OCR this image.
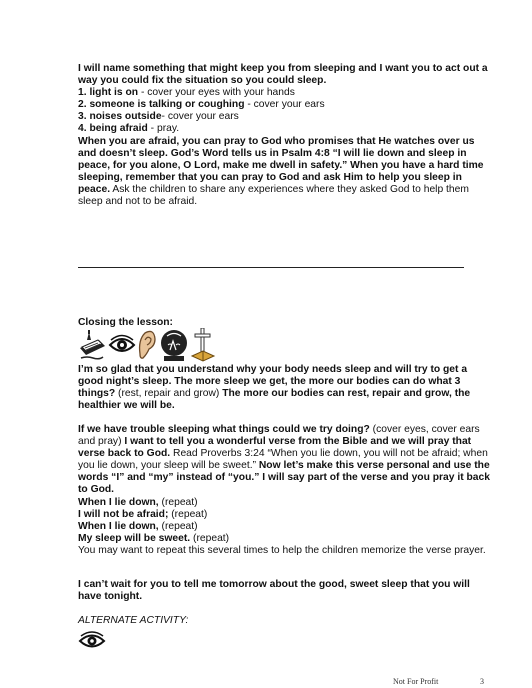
I will name something that might keep you from sleeping and I want you to act out a way you could fix the situation so you could sleep.

1. light is on - cover your eyes with your hands

2. someone is talking or coughing - cover your ears

3. noises outside- cover your ears

4. being afraid - pray.

When you are afraid, you can pray to God who promises that He watches over us and doesn’t sleep. God’s Word tells us in Psalm 4:8 “I will lie down and sleep in peace, for you alone, O Lord, make me dwell in safety.” When you have a hard time sleeping, remember that you can pray to God and ask Him to help you sleep in peace. Ask the children to share any experiences where they asked God to help them sleep and not to be afraid.

Closing the lesson:

I’m so glad that you understand why your body needs sleep and will try to get a good night’s sleep. The more sleep we get, the more our bodies can do what 3 things? (rest, repair and grow) The more our bodies can rest, repair and grow, the healthier we will be.

If we have trouble sleeping what things could we try doing? (cover eyes, cover ears and pray) I want to tell you a wonderful verse from the Bible and we will pray that verse back to God. Read Proverbs 3:24 “When you lie down, you will not be afraid; when you lie down, your sleep will be sweet.” Now let’s make this verse personal and use the words “I” and “my” instead of “you.” I will say part of the verse and you pray it back to God.

When I lie down, (repeat)

I will not be afraid; (repeat)

When I lie down, (repeat)

My sleep will be sweet. (repeat)

You may want to repeat this several times to help the children memorize the verse prayer.

I can’t wait for you to tell me tomorrow about the good, sweet sleep that you will have tonight.

ALTERNATE ACTIVITY:

Not For Profit	3
